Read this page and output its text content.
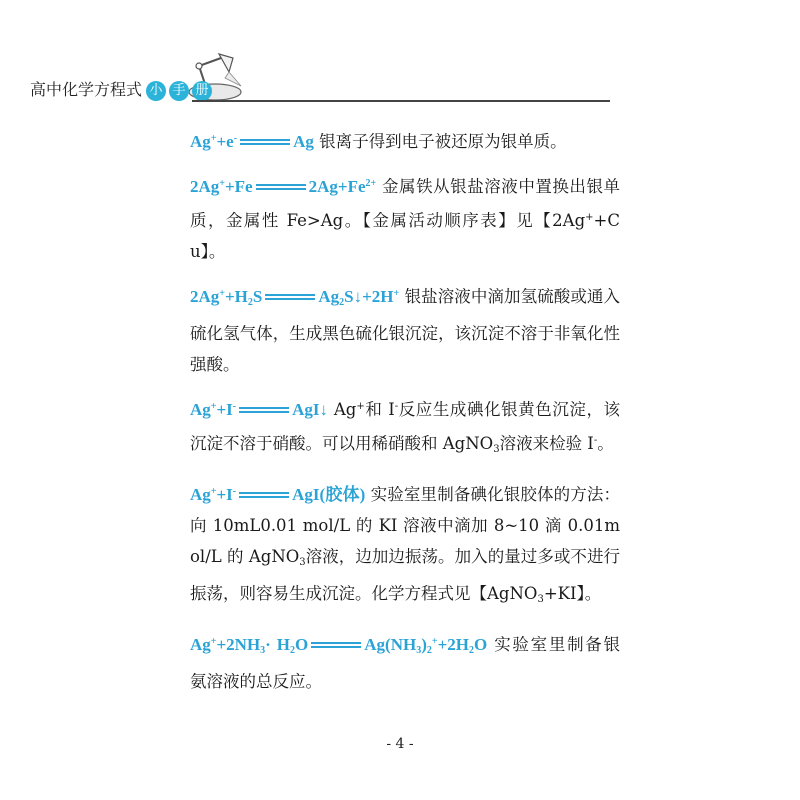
高中化学方程式 小 手 册

Ag++e-	Ag 银离子得到电子被还原为银单质。

2Ag++Fe	$2Ag+Fe^{2+}$ 金属铁从银盐溶液中置换出银单质，金属性 Fe>Ag。【金属活动顺序表】见【2Ag++Cu】。

$2Ag^++H_2S$	$Ag_2S↓+2H^+$ 银盐溶液中滴加氢硫酸或通入硫化氢气体，生成黑色硫化银沉淀，该沉淀不溶于非氧化性强酸。

Ag++I-	AgI↓ Ag+和 I-反应生成碘化银黄色沉淀，该沉淀不溶于硝酸。可以用稀硝酸和 AgNO$_3$溶液来检验 I-。

Ag++I-	AgI(胶体) 实验室里制备碘化银胶体的方法：向 10mL0.01 mol/L 的 KI 溶液中滴加 8~10 滴 0.01mol/L 的 AgNO$_3$溶液，边加边振荡。加入的量过多或不进行振荡，则容易生成沉淀。化学方程式见【AgNO$_3$+KI】。

$Ag^++2NH_3\cdot H_2O$	$Ag(NH_3)_2^++2H_2O$ 实验室里制备银氨溶液的总反应。

- 4 -
